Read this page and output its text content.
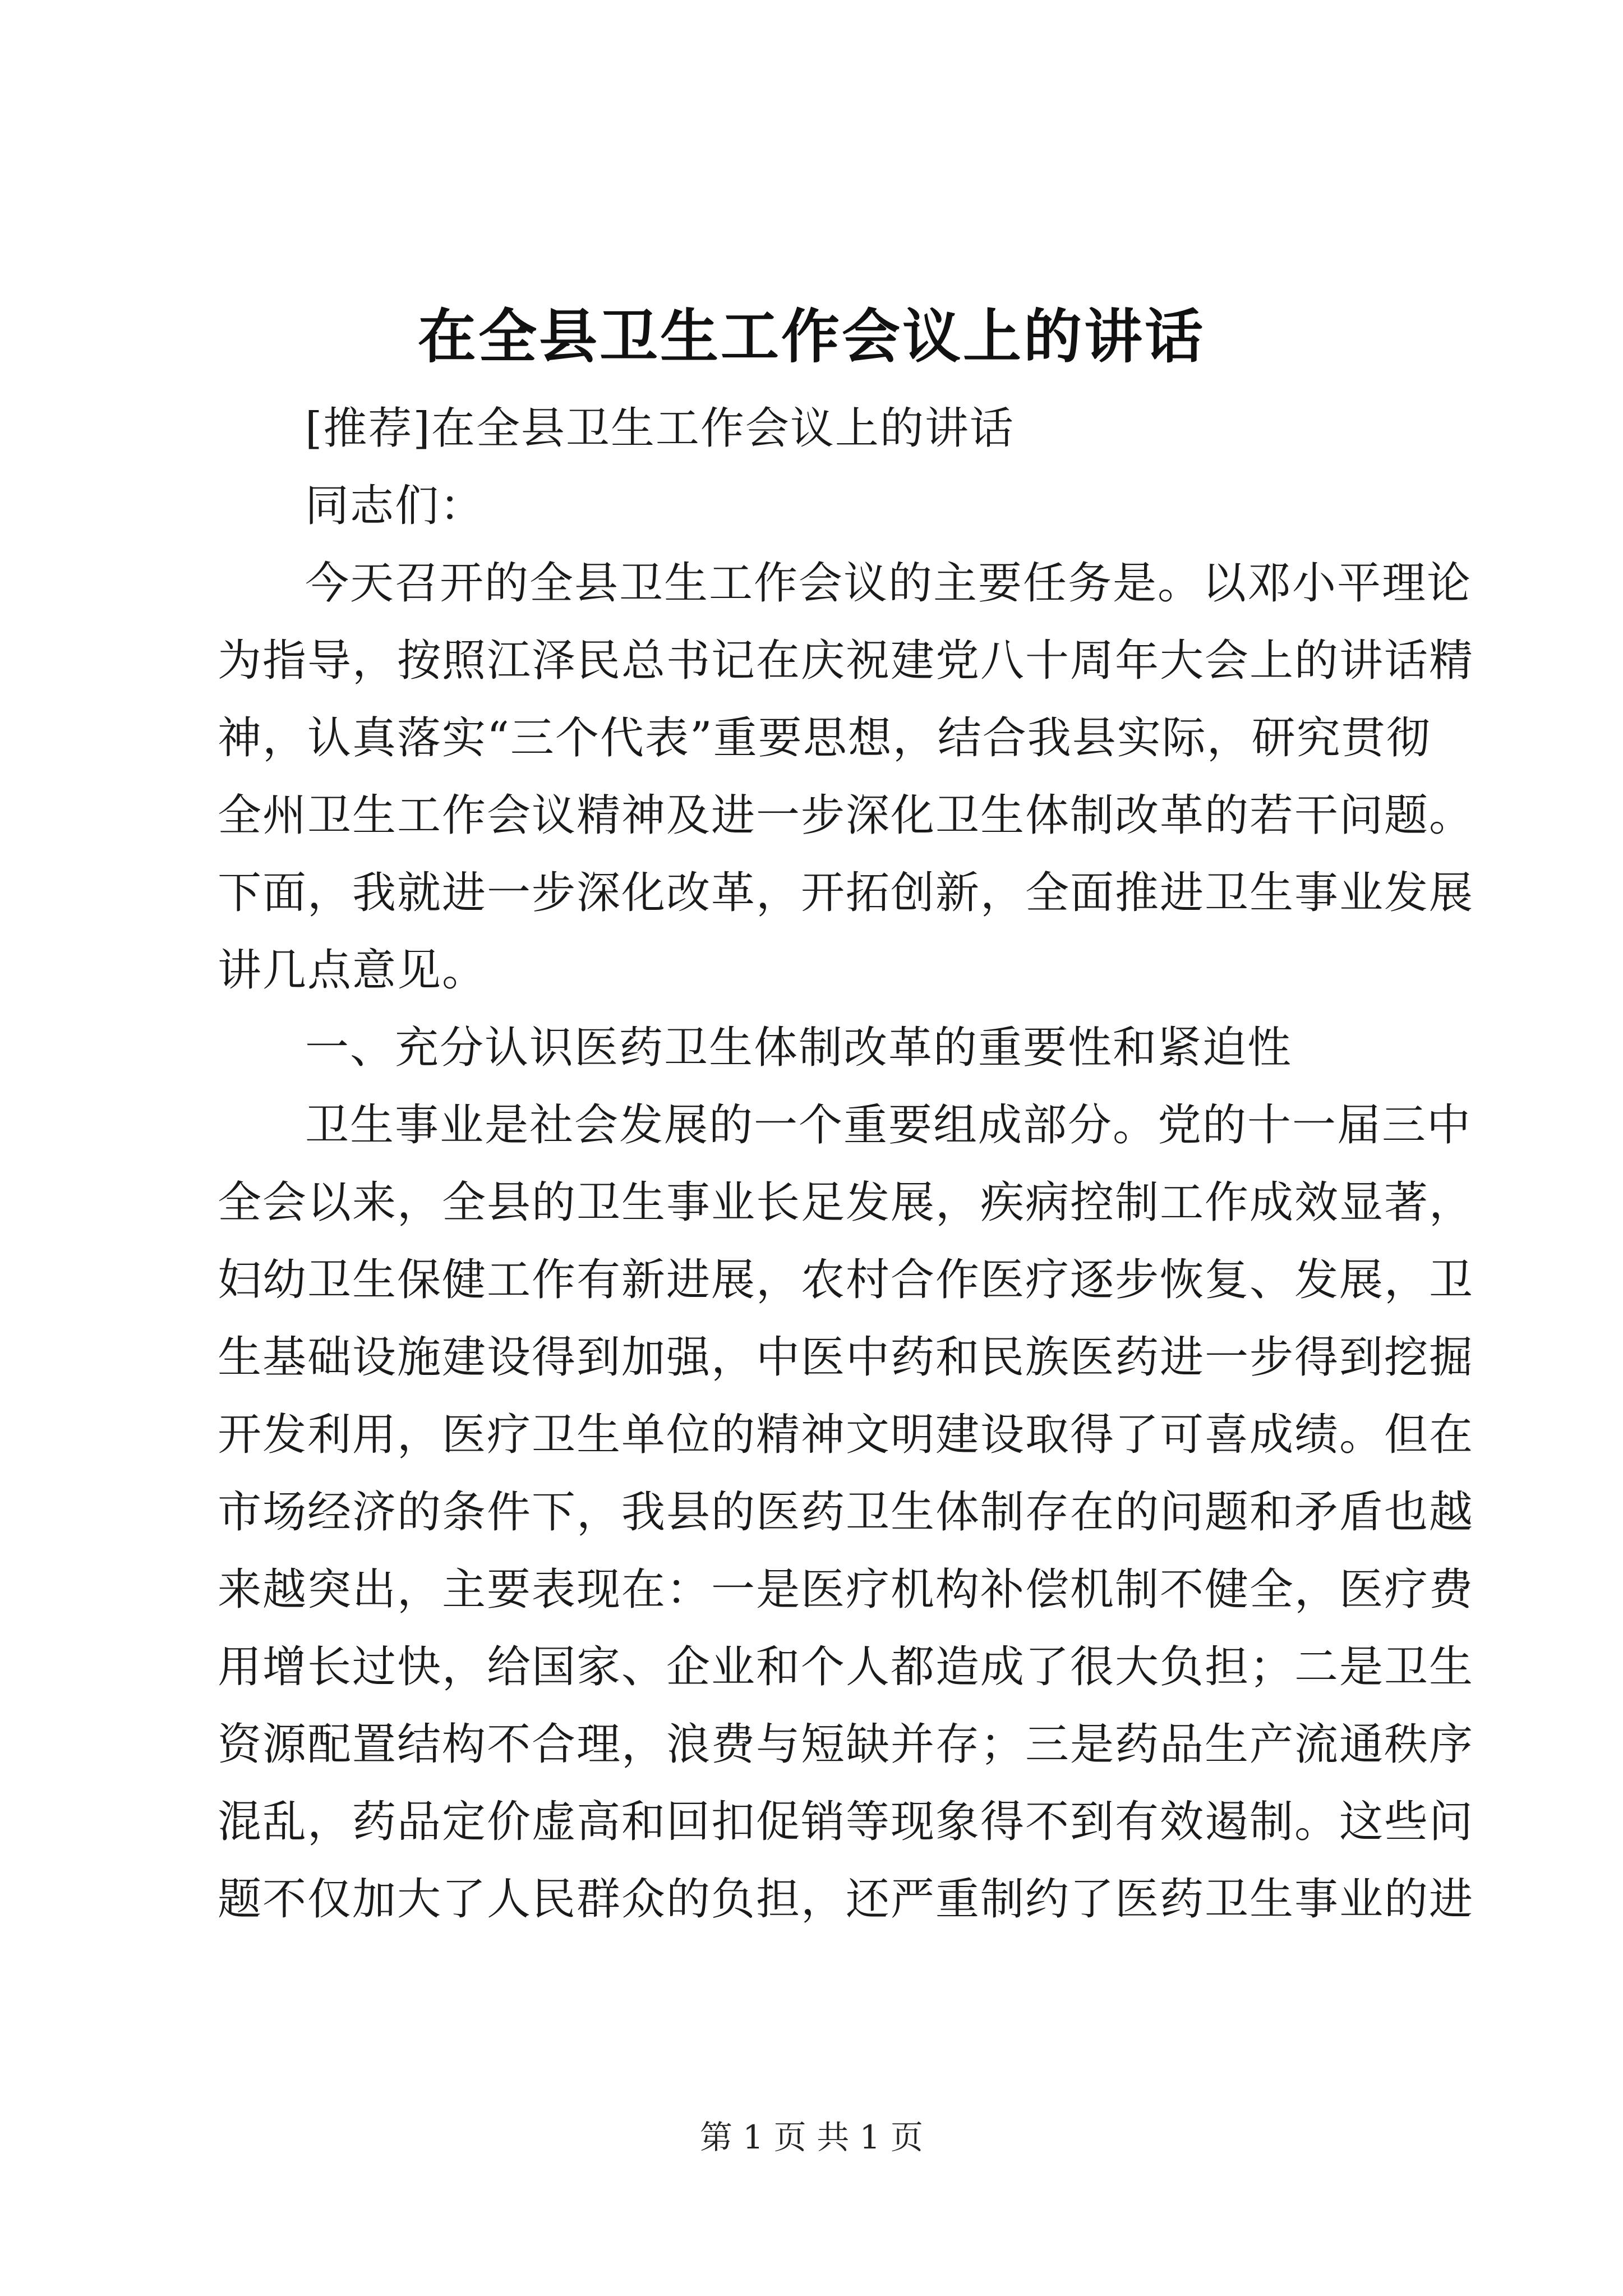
在全县卫生工作会议上的讲话
[推荐]在全县卫生工作会议上的讲话
同志们：
今天召开的全县卫生工作会议的主要任务是。以邓小平理论
为指导，按照江泽民总书记在庆祝建党八十周年大会上的讲话精
神，认真落实“三个代表”重要思想，结合我县实际，研究贯彻
全州卫生工作会议精神及进一步深化卫生体制改革的若干问题。
下面，我就进一步深化改革，开拓创新，全面推进卫生事业发展
讲几点意见。
一、充分认识医药卫生体制改革的重要性和紧迫性
卫生事业是社会发展的一个重要组成部分。党的十一届三中
全会以来，全县的卫生事业长足发展，疾病控制工作成效显著，
妇幼卫生保健工作有新进展，农村合作医疗逐步恢复、发展，卫
生基础设施建设得到加强，中医中药和民族医药进一步得到挖掘
开发利用，医疗卫生单位的精神文明建设取得了可喜成绩。但在
市场经济的条件下，我县的医药卫生体制存在的问题和矛盾也越
来越突出，主要表现在：一是医疗机构补偿机制不健全，医疗费
用增长过快，给国家、企业和个人都造成了很大负担；二是卫生
资源配置结构不合理，浪费与短缺并存；三是药品生产流通秩序
混乱，药品定价虚高和回扣促销等现象得不到有效遏制。这些问
题不仅加大了人民群众的负担，还严重制约了医药卫生事业的进

第 1 页 共 1 页
